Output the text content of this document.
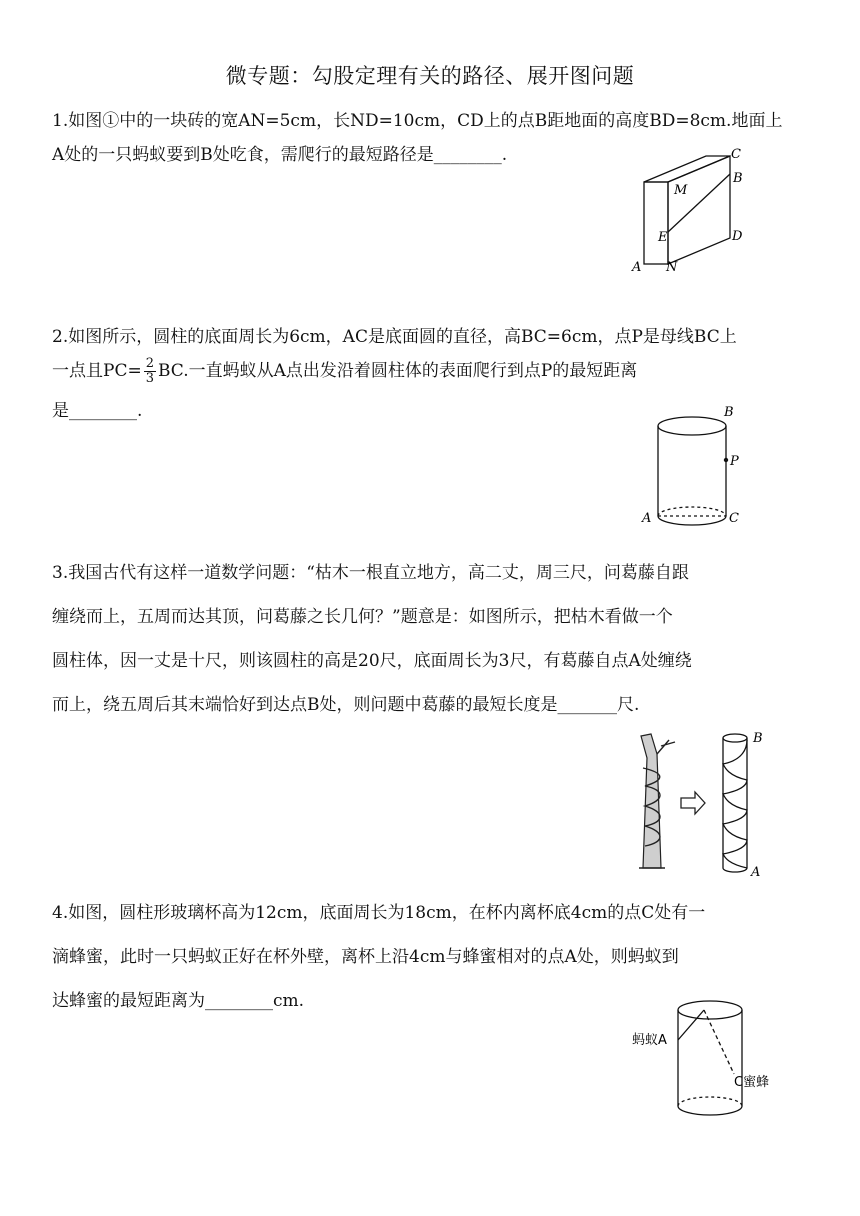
微专题：勾股定理有关的路径、展开图问题
1.如图①中的一块砖的宽AN=5cm，长ND=10cm，CD上的点B距地面的高度BD=8cm.地面上
A处的一只蚂蚁要到B处吃食，需爬行的最短路径是________.	C
B
M
E	D
A N
2.如图所示，圆柱的底面周长为6cm，AC是底面圆的直径，高BC=6cm，点P是母线BC上
一点且$PC= \frac{2}{3}$ BC.一直蚂蚁从A点出发沿着圆柱体的表面爬行到点P的最短距离
是________.	B
P
A	C
3.我国古代有这样一道数学问题：“枯木一根直立地方，高二丈，周三尺，问葛藤自跟
缠绕而上，五周而达其顶，问葛藤之长几何？”题意是：如图所示，把枯木看做一个
圆柱体，因一丈是十尺，则该圆柱的高是20尺，底面周长为3尺，有葛藤自点A处缠绕
而上，绕五周后其末端恰好到达点B处，则问题中葛藤的最短长度是_______尺.
B
A
4.如图，圆柱形玻璃杯高为12cm，底面周长为18cm，在杯内离杯底4cm的点C处有一
滴蜂蜜，此时一只蚂蚁正好在杯外壁，离杯上沿4cm与蜂蜜相对的点A处，则蚂蚁到
达蜂蜜的最短距离为________cm.
蚂蚁A
C蜜蜂
